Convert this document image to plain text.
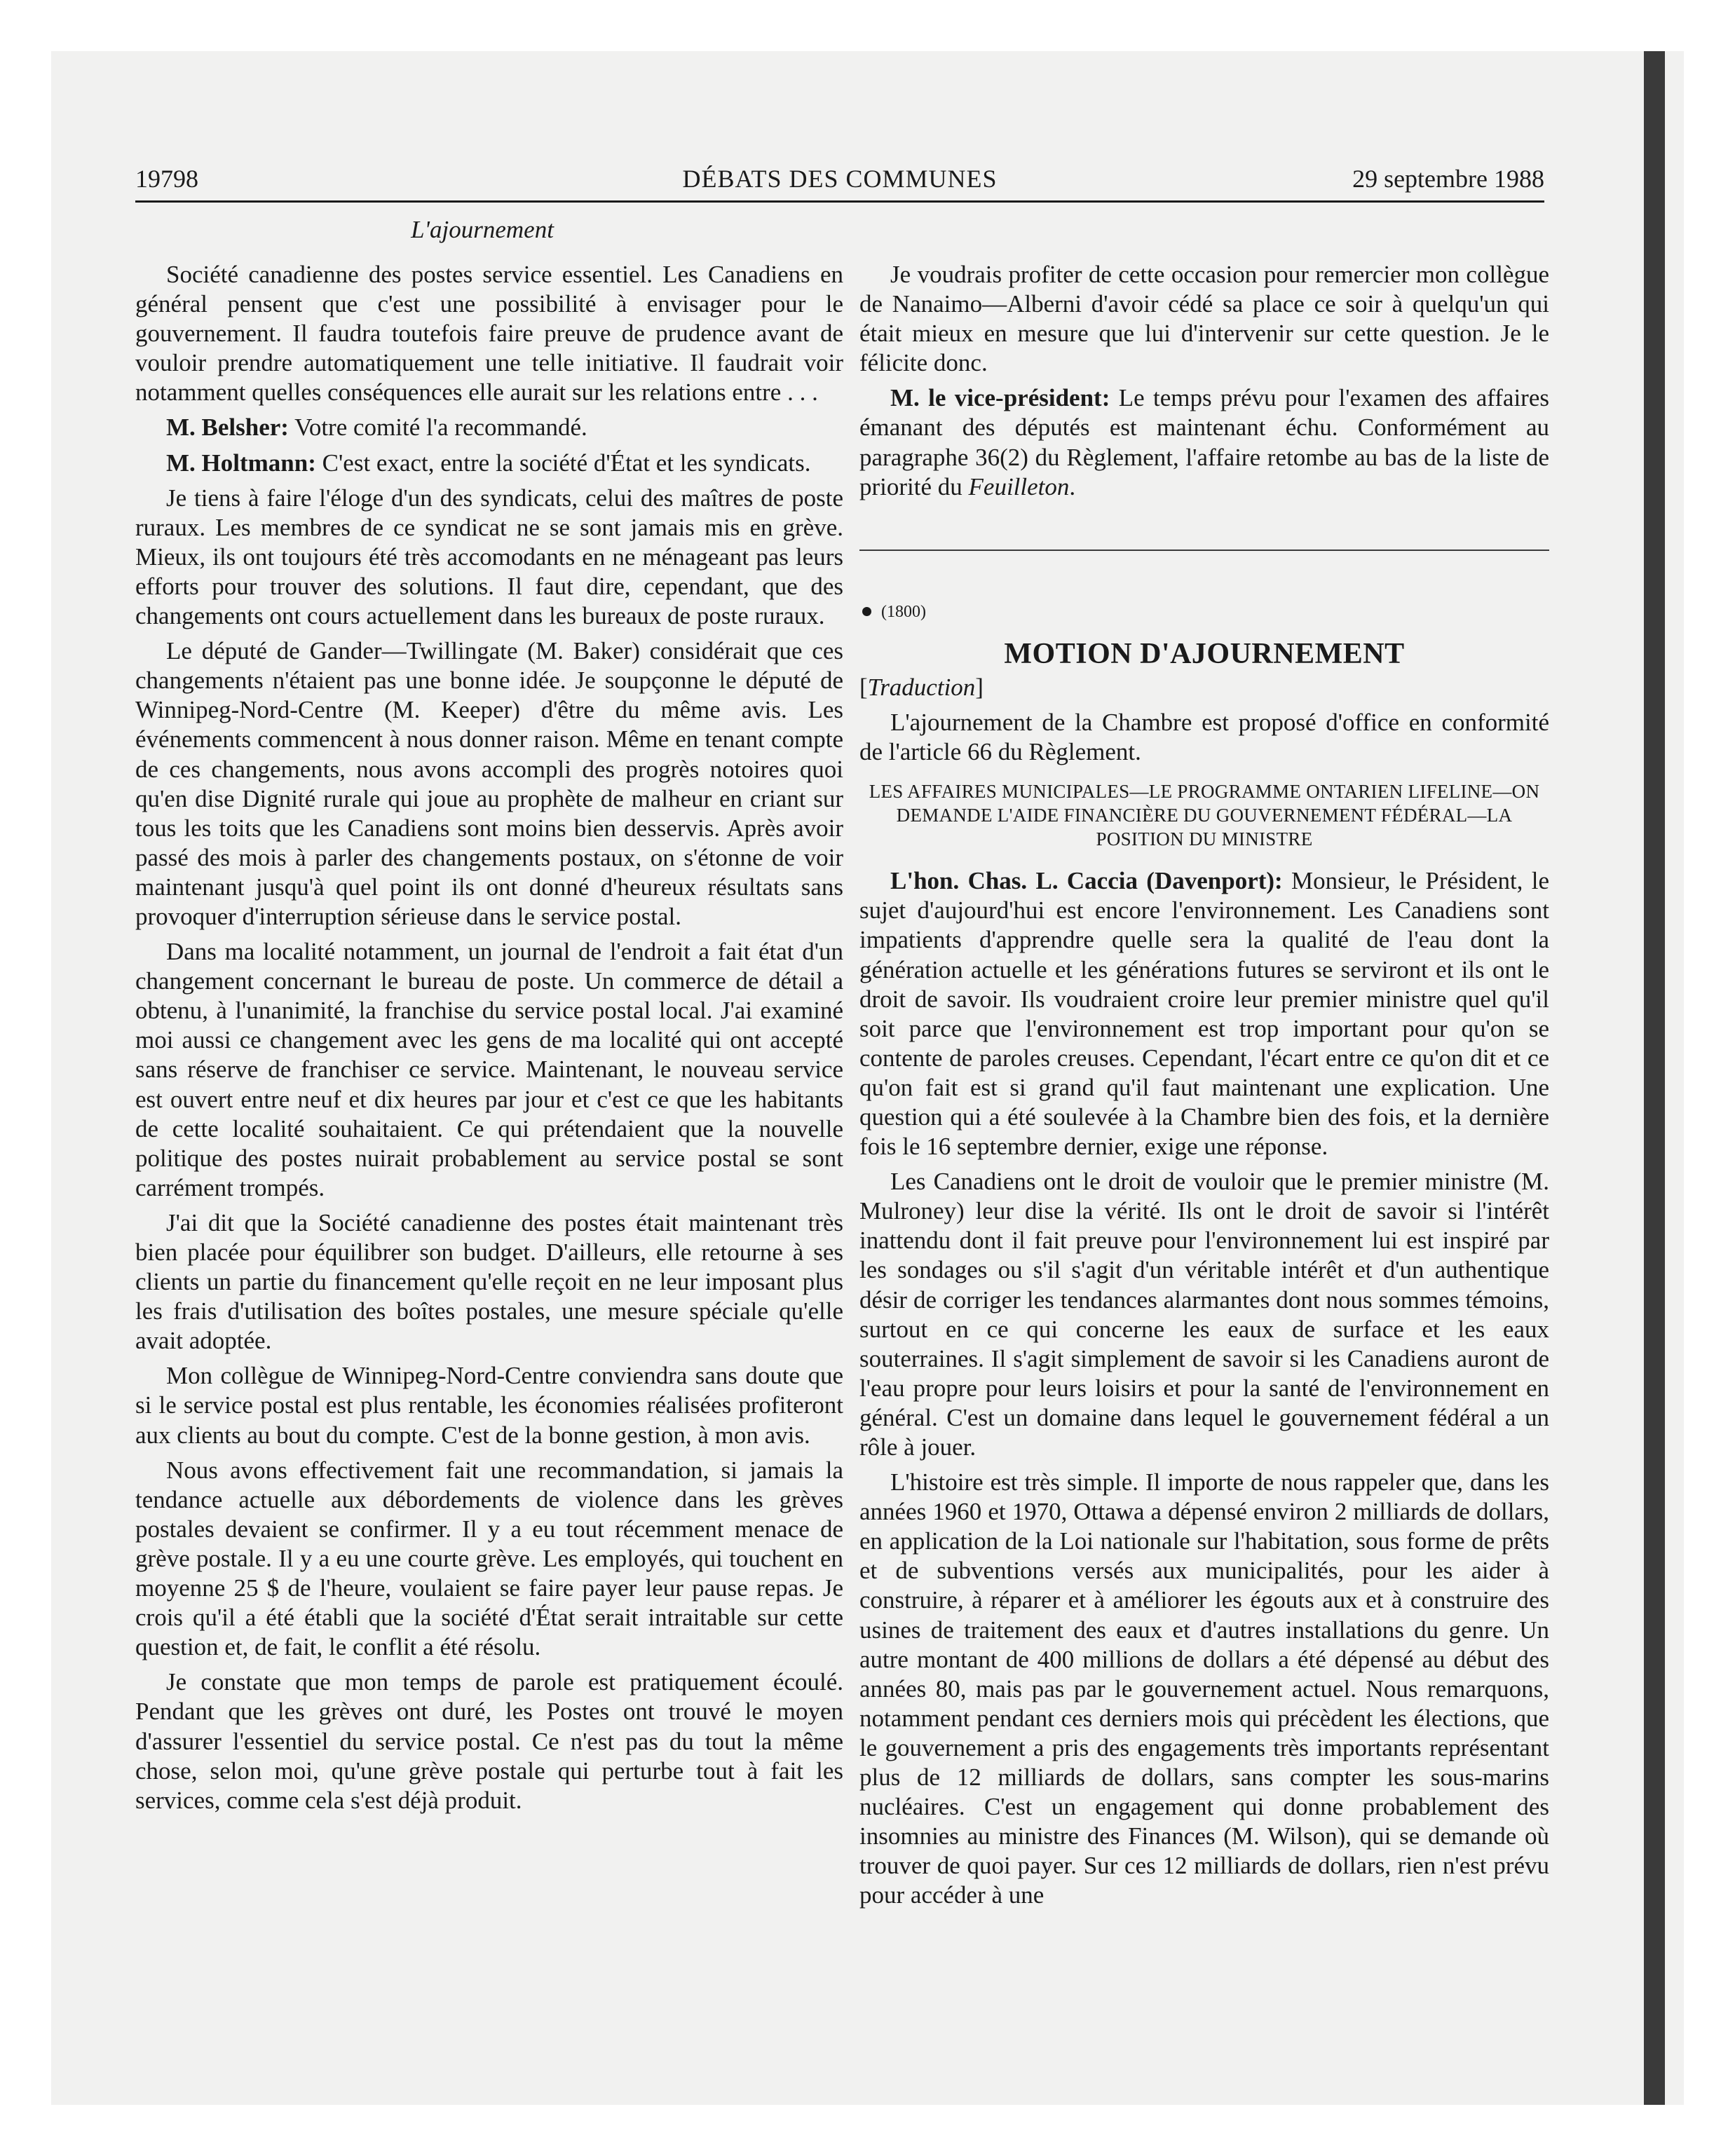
19798	DÉBATS DES COMMUNES	29 septembre 1988
L'ajournement

Société canadienne des postes service essentiel. Les Canadiens en général pensent que c'est une possibilité à envisager pour le gouvernement. Il faudra toutefois faire preuve de prudence avant de vouloir prendre automatiquement une telle initiative. Il faudrait voir notamment quelles conséquences elle aurait sur les relations entre . . .

M. Belsher: Votre comité l'a recommandé.

M. Holtmann: C'est exact, entre la société d'État et les syndicats.

Je tiens à faire l'éloge d'un des syndicats, celui des maîtres de poste ruraux. Les membres de ce syndicat ne se sont jamais mis en grève. Mieux, ils ont toujours été très accomodants en ne ménageant pas leurs efforts pour trouver des solutions. Il faut dire, cependant, que des changements ont cours actuellement dans les bureaux de poste ruraux.

Le député de Gander—Twillingate (M. Baker) considérait que ces changements n'étaient pas une bonne idée. Je soupçonne le député de Winnipeg-Nord-Centre (M. Keeper) d'être du même avis. Les événements commencent à nous donner raison. Même en tenant compte de ces changements, nous avons accompli des progrès notoires quoi qu'en dise Dignité rurale qui joue au prophète de malheur en criant sur tous les toits que les Canadiens sont moins bien desservis. Après avoir passé des mois à parler des changements postaux, on s'étonne de voir maintenant jusqu'à quel point ils ont donné d'heureux résultats sans provoquer d'interruption sérieuse dans le service postal.

Dans ma localité notamment, un journal de l'endroit a fait état d'un changement concernant le bureau de poste. Un commerce de détail a obtenu, à l'unanimité, la franchise du service postal local. J'ai examiné moi aussi ce changement avec les gens de ma localité qui ont accepté sans réserve de franchiser ce service. Maintenant, le nouveau service est ouvert entre neuf et dix heures par jour et c'est ce que les habitants de cette localité souhaitaient. Ce qui prétendaient que la nouvelle politique des postes nuirait probablement au service postal se sont carrément trompés.

J'ai dit que la Société canadienne des postes était maintenant très bien placée pour équilibrer son budget. D'ailleurs, elle retourne à ses clients un partie du financement qu'elle reçoit en ne leur imposant plus les frais d'utilisation des boîtes postales, une mesure spéciale qu'elle avait adoptée.

Mon collègue de Winnipeg-Nord-Centre conviendra sans doute que si le service postal est plus rentable, les économies réalisées profiteront aux clients au bout du compte. C'est de la bonne gestion, à mon avis.

Nous avons effectivement fait une recommandation, si jamais la tendance actuelle aux débordements de violence dans les grèves postales devaient se confirmer. Il y a eu tout récemment menace de grève postale. Il y a eu une courte grève. Les employés, qui touchent en moyenne 25 $ de l'heure, voulaient se faire payer leur pause repas. Je crois qu'il a été établi que la société d'État serait intraitable sur cette question et, de fait, le conflit a été résolu.

Je constate que mon temps de parole est pratiquement écoulé. Pendant que les grèves ont duré, les Postes ont trouvé le moyen d'assurer l'essentiel du service postal. Ce n'est pas du tout la même chose, selon moi, qu'une grève postale qui perturbe tout à fait les services, comme cela s'est déjà produit.

Je voudrais profiter de cette occasion pour remercier mon collègue de Nanaimo—Alberni d'avoir cédé sa place ce soir à quelqu'un qui était mieux en mesure que lui d'intervenir sur cette question. Je le félicite donc.

M. le vice-président: Le temps prévu pour l'examen des affaires émanant des députés est maintenant échu. Conformément au paragraphe 36(2) du Règlement, l'affaire retombe au bas de la liste de priorité du Feuilleton.

(1800)
MOTION D'AJOURNEMENT

[Traduction]

L'ajournement de la Chambre est proposé d'office en conformité de l'article 66 du Règlement.

LES AFFAIRES MUNICIPALES—LE PROGRAMME ONTARIEN LIFELINE—ON DEMANDE L'AIDE FINANCIÈRE DU GOUVERNEMENT FÉDÉRAL—LA POSITION DU MINISTRE

L'hon. Chas. L. Caccia (Davenport): Monsieur, le Président, le sujet d'aujourd'hui est encore l'environnement. Les Canadiens sont impatients d'apprendre quelle sera la qualité de l'eau dont la génération actuelle et les générations futures se serviront et ils ont le droit de savoir. Ils voudraient croire leur premier ministre quel qu'il soit parce que l'environnement est trop important pour qu'on se contente de paroles creuses. Cependant, l'écart entre ce qu'on dit et ce qu'on fait est si grand qu'il faut maintenant une explication. Une question qui a été soulevée à la Chambre bien des fois, et la dernière fois le 16 septembre dernier, exige une réponse.

Les Canadiens ont le droit de vouloir que le premier ministre (M. Mulroney) leur dise la vérité. Ils ont le droit de savoir si l'intérêt inattendu dont il fait preuve pour l'environnement lui est inspiré par les sondages ou s'il s'agit d'un véritable intérêt et d'un authentique désir de corriger les tendances alarmantes dont nous sommes témoins, surtout en ce qui concerne les eaux de surface et les eaux souterraines. Il s'agit simplement de savoir si les Canadiens auront de l'eau propre pour leurs loisirs et pour la santé de l'environnement en général. C'est un domaine dans lequel le gouvernement fédéral a un rôle à jouer.

L'histoire est très simple. Il importe de nous rappeler que, dans les années 1960 et 1970, Ottawa a dépensé environ 2 milliards de dollars, en application de la Loi nationale sur l'habitation, sous forme de prêts et de subventions versés aux municipalités, pour les aider à construire, à réparer et à améliorer les égouts aux et à construire des usines de traitement des eaux et d'autres installations du genre. Un autre montant de 400 millions de dollars a été dépensé au début des années 80, mais pas par le gouvernement actuel. Nous remarquons, notamment pendant ces derniers mois qui précèdent les élections, que le gouvernement a pris des engagements très importants représentant plus de 12 milliards de dollars, sans compter les sous-marins nucléaires. C'est un engagement qui donne probablement des insomnies au ministre des Finances (M. Wilson), qui se demande où trouver de quoi payer. Sur ces 12 milliards de dollars, rien n'est prévu pour accéder à une
